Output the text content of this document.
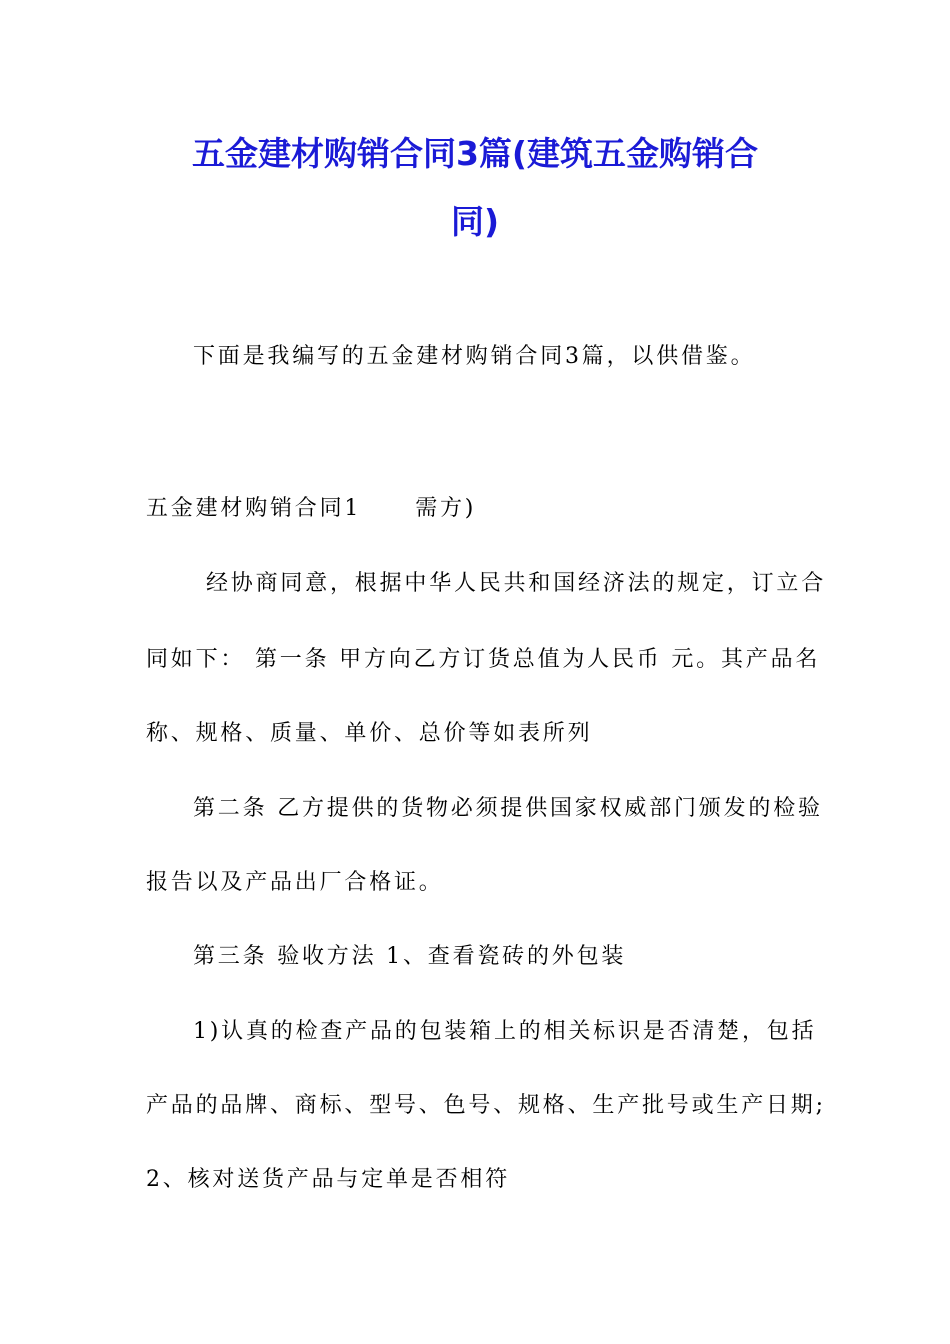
五金建材购销合同3篇(建筑五金购销合
同)

下面是我编写的五金建材购销合同3篇，以供借鉴。

五金建材购销合同1 需方)

经协商同意，根据中华人民共和国经济法的规定，订立合

同如下： 第一条 甲方向乙方订货总值为人民币 元。其产品名

称、规格、质量、单价、总价等如表所列

第二条 乙方提供的货物必须提供国家权威部门颁发的检验

报告以及产品出厂合格证。

第三条 验收方法 1、查看瓷砖的外包装

1)认真的检查产品的包装箱上的相关标识是否清楚，包括

产品的品牌、商标、型号、色号、规格、生产批号或生产日期;

2、核对送货产品与定单是否相符
